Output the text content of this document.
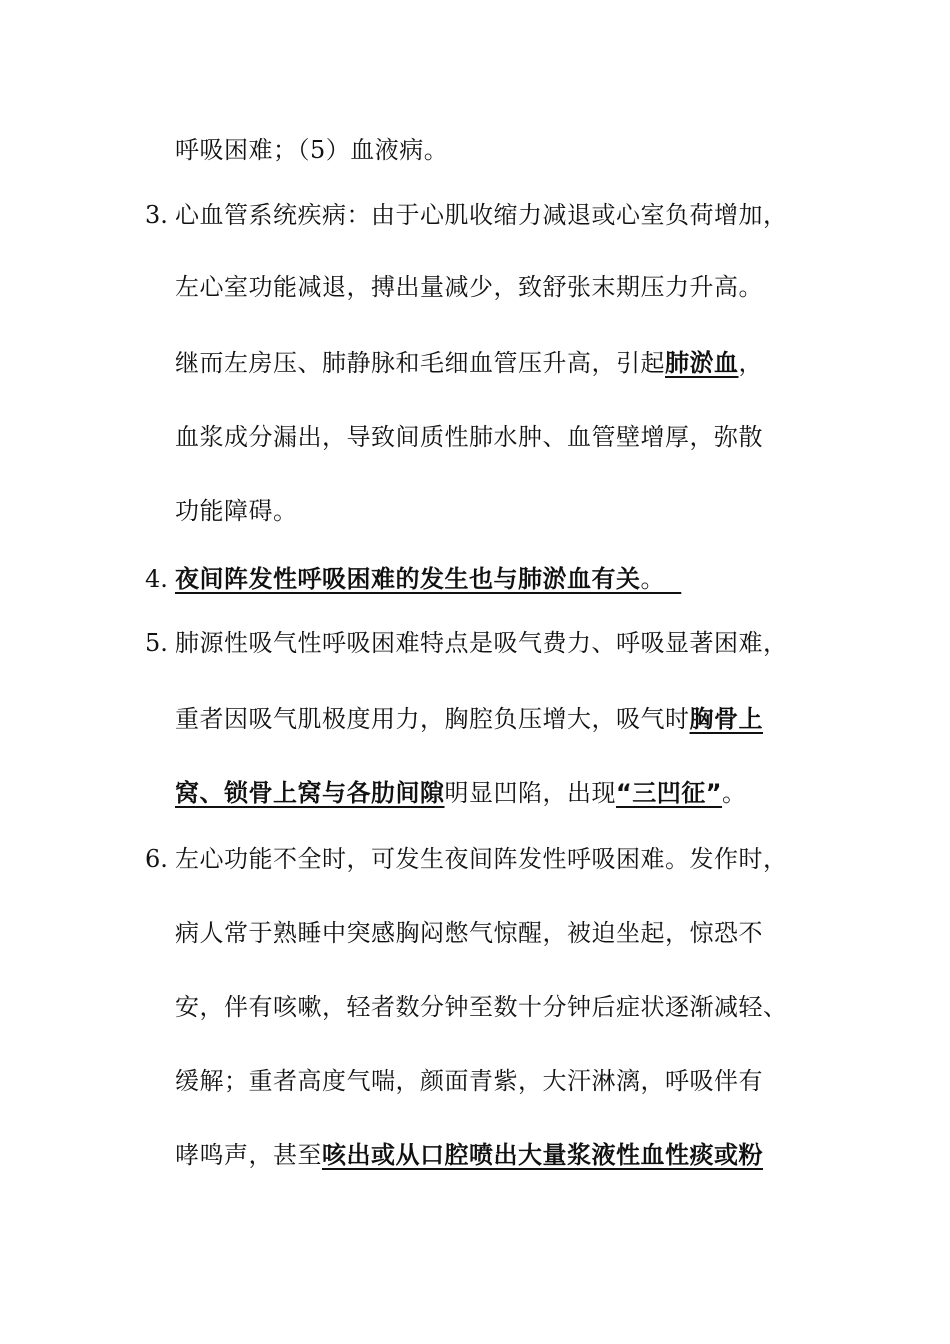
呼吸困难；（5）血液病。
3. 心血管系统疾病：由于心肌收缩力减退或心室负荷增加，
左心室功能减退，搏出量减少，致舒张末期压力升高。
继而左房压、肺静脉和毛细血管压升高，引起肺淤血，
血浆成分漏出，导致间质性肺水肿、血管壁增厚，弥散
功能障碍。
4. 夜间阵发性呼吸困难的发生也与肺淤血有关。
5. 肺源性吸气性呼吸困难特点是吸气费力、呼吸显著困难，
重者因吸气肌极度用力，胸腔负压增大，吸气时胸骨上
窝、锁骨上窝与各肋间隙明显凹陷，出现“三凹征”。
6. 左心功能不全时，可发生夜间阵发性呼吸困难。发作时，
病人常于熟睡中突感胸闷憋气惊醒，被迫坐起，惊恐不
安，伴有咳嗽，轻者数分钟至数十分钟后症状逐渐减轻、
缓解；重者高度气喘，颜面青紫，大汗淋漓，呼吸伴有
哮鸣声，甚至咳出或从口腔喷出大量浆液性血性痰或粉
